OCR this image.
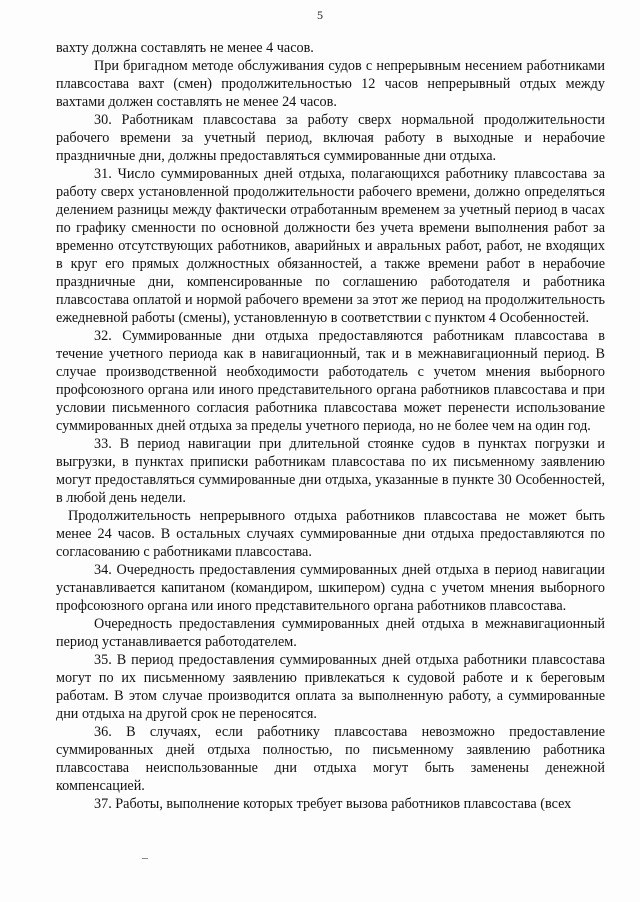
5

вахту должна составлять не менее 4 часов.

При бригадном методе обслуживания судов с непрерывным несением работниками плавсостава вахт (смен) продолжительностью 12 часов непрерывный отдых между вахтами должен составлять не менее 24 часов.

30. Работникам плавсостава за работу сверх нормальной продолжительности рабочего времени за учетный период, включая работу в выходные и нерабочие праздничные дни, должны предоставляться суммированные дни отдыха.

31. Число суммированных дней отдыха, полагающихся работнику плавсостава за работу сверх установленной продолжительности рабочего времени, должно определяться делением разницы между фактически отработанным временем за учетный период в часах по графику сменности по основной должности без учета времени выполнения работ за временно отсутствующих работников, аварийных и авральных работ, работ, не входящих в круг его прямых должностных обязанностей, а также времени работ в нерабочие праздничные дни, компенсированные по соглашению работодателя и работника плавсостава оплатой и нормой рабочего времени за этот же период на продолжительность ежедневной работы (смены), установленную в соответствии с пунктом 4 Особенностей.

32. Суммированные дни отдыха предоставляются работникам плавсостава в течение учетного периода как в навигационный, так и в межнавигационный период. В случае производственной необходимости работодатель с учетом мнения выборного профсоюзного органа или иного представительного органа работников плавсостава и при условии письменного согласия работника плавсостава может перенести использование суммированных дней отдыха за пределы учетного периода, но не более чем на один год.

33. В период навигации при длительной стоянке судов в пунктах погрузки и выгрузки, в пунктах приписки работникам плавсостава по их письменному заявлению могут предоставляться суммированные дни отдыха, указанные в пункте 30 Особенностей, в любой день недели.

Продолжительность непрерывного отдыха работников плавсостава не может быть менее 24 часов. В остальных случаях суммированные дни отдыха предоставляются по согласованию с работниками плавсостава.

34. Очередность предоставления суммированных дней отдыха в период навигации устанавливается капитаном (командиром, шкипером) судна с учетом мнения выборного профсоюзного органа или иного представительного органа работников плавсостава.

Очередность предоставления суммированных дней отдыха в межнавигационный период устанавливается работодателем.

35. В период предоставления суммированных дней отдыха работники плавсостава могут по их письменному заявлению привлекаться к судовой работе и к береговым работам. В этом случае производится оплата за выполненную работу, а суммированные дни отдыха на другой срок не переносятся.

36. В случаях, если работнику плавсостава невозможно предоставление суммированных дней отдыха полностью, по письменному заявлению работника плавсостава неиспользованные дни отдыха могут быть заменены денежной компенсацией.

37. Работы, выполнение которых требует вызова работников плавсостава (всех
